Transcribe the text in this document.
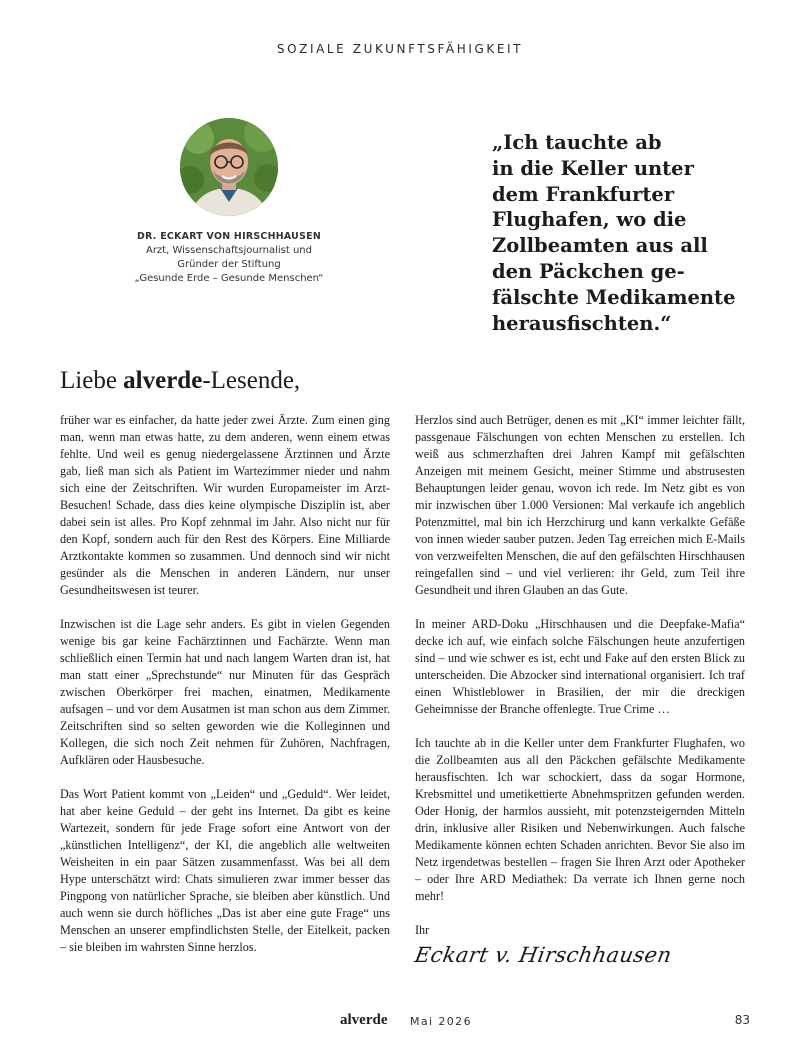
SOZIALE ZUKUNFTSFÄHIGKEIT
DR. ECKART VON HIRSCHHAUSEN
Arzt, Wissenschaftsjournalist und
Gründer der Stiftung
„Gesunde Erde – Gesunde Menschen“

„Ich tauchte ab
in die Keller unter
dem Frankfurter
Flughafen, wo die
Zollbeamten aus all
den Päckchen ge-
fälschte Medikamente
herausfischten.“

Liebe alverde-Lesende,

früher war es einfacher, da hatte jeder zwei Ärzte. Zum einen ging man, wenn man etwas hatte, zu dem anderen, wenn einem etwas fehlte. Und weil es genug niedergelassene Ärztinnen und Ärzte gab, ließ man sich als Patient im Wartezimmer nieder und nahm sich eine der Zeitschriften. Wir wurden Europameister im Arzt-Besuchen! Schade, dass dies keine olympische Disziplin ist, aber dabei sein ist alles. Pro Kopf zehnmal im Jahr. Also nicht nur für den Kopf, sondern auch für den Rest des Körpers. Eine Milliarde Arztkontakte kommen so zusammen. Und dennoch sind wir nicht gesünder als die Menschen in anderen Ländern, nur unser Gesundheitswesen ist teurer.

Inzwischen ist die Lage sehr anders. Es gibt in vielen Gegenden wenige bis gar keine Fachärztinnen und Fachärzte. Wenn man schließlich einen Termin hat und nach langem Warten dran ist, hat man statt einer „Sprechstunde“ nur Minuten für das Gespräch zwischen Oberkörper frei machen, einatmen, Medikamente aufsagen – und vor dem Ausatmen ist man schon aus dem Zimmer. Zeitschriften sind so selten geworden wie die Kolleginnen und Kollegen, die sich noch Zeit nehmen für Zuhören, Nachfragen, Aufklären oder Hausbesuche.

Das Wort Patient kommt von „Leiden“ und „Geduld“. Wer leidet, hat aber keine Geduld – der geht ins Internet. Da gibt es keine Wartezeit, sondern für jede Frage sofort eine Antwort von der „künstlichen Intelligenz“, der KI, die angeblich alle weltweiten Weisheiten in ein paar Sätzen zusammenfasst. Was bei all dem Hype unterschätzt wird: Chats simulieren zwar immer besser das Pingpong von natürlicher Sprache, sie bleiben aber künstlich. Und auch wenn sie durch höfliches „Das ist aber eine gute Frage“ uns Menschen an unserer empfindlichsten Stelle, der Eitelkeit, packen – sie bleiben im wahrsten Sinne herzlos.

Herzlos sind auch Betrüger, denen es mit „KI“ immer leichter fällt, passgenaue Fälschungen von echten Menschen zu erstellen. Ich weiß aus schmerzhaften drei Jahren Kampf mit gefälschten Anzeigen mit meinem Gesicht, meiner Stimme und abstrusesten Behauptungen leider genau, wovon ich rede. Im Netz gibt es von mir inzwischen über 1.000 Versionen: Mal verkaufe ich angeblich Potenzmittel, mal bin ich Herzchirurg und kann verkalkte Gefäße von innen wieder sauber putzen. Jeden Tag erreichen mich E-Mails von verzweifelten Menschen, die auf den gefälschten Hirschhausen reingefallen sind – und viel verlieren: ihr Geld, zum Teil ihre Gesundheit und ihren Glauben an das Gute.

In meiner ARD-Doku „Hirschhausen und die Deepfake-Mafia“ decke ich auf, wie einfach solche Fälschungen heute anzufertigen sind – und wie schwer es ist, echt und Fake auf den ersten Blick zu unterscheiden. Die Abzocker sind international organisiert. Ich traf einen Whistleblower in Brasilien, der mir die dreckigen Geheimnisse der Branche offenlegte. True Crime …

Ich tauchte ab in die Keller unter dem Frankfurter Flughafen, wo die Zollbeamten aus all den Päckchen gefälschte Medikamente herausfischten. Ich war schockiert, dass da sogar Hormone, Krebsmittel und umetikettierte Abnehmspritzen gefunden werden. Oder Honig, der harmlos aussieht, mit potenzsteigernden Mitteln drin, inklusive aller Risiken und Nebenwirkungen. Auch falsche Medikamente können echten Schaden anrichten. Bevor Sie also im Netz irgendetwas bestellen – fragen Sie Ihren Arzt oder Apotheker – oder Ihre ARD Mediathek: Da verrate ich Ihnen gerne noch mehr!

Ihr
Eckart v. Hirschhausen
alverde Mai 2026	83
